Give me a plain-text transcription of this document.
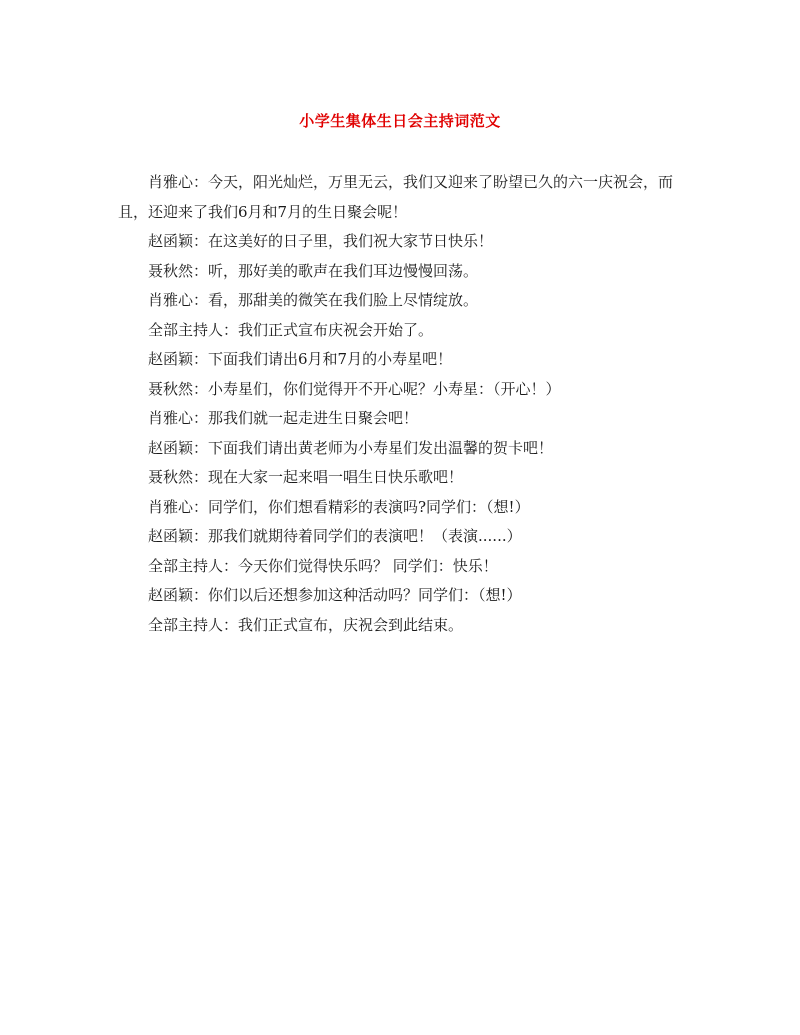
小学生集体生日会主持词范文

肖雅心：今天，阳光灿烂，万里无云，我们又迎来了盼望已久的六一庆祝会，而且，还迎来了我们6月和7月的生日聚会呢！

赵函颖：在这美好的日子里，我们祝大家节日快乐！

聂秋然：听，那好美的歌声在我们耳边慢慢回荡。

肖雅心：看，那甜美的微笑在我们脸上尽情绽放。

全部主持人：我们正式宣布庆祝会开始了。

赵函颖：下面我们请出6月和7月的小寿星吧！

聂秋然：小寿星们，你们觉得开不开心呢？小寿星：（开心！）

肖雅心：那我们就一起走进生日聚会吧！

赵函颖：下面我们请出黄老师为小寿星们发出温馨的贺卡吧！

聂秋然：现在大家一起来唱一唱生日快乐歌吧！

肖雅心：同学们，你们想看精彩的表演吗?同学们：（想!）

赵函颖：那我们就期待着同学们的表演吧！（表演......）

全部主持人：今天你们觉得快乐吗？ 同学们：快乐！

赵函颖：你们以后还想参加这种活动吗？同学们：（想!）

全部主持人：我们正式宣布，庆祝会到此结束。
